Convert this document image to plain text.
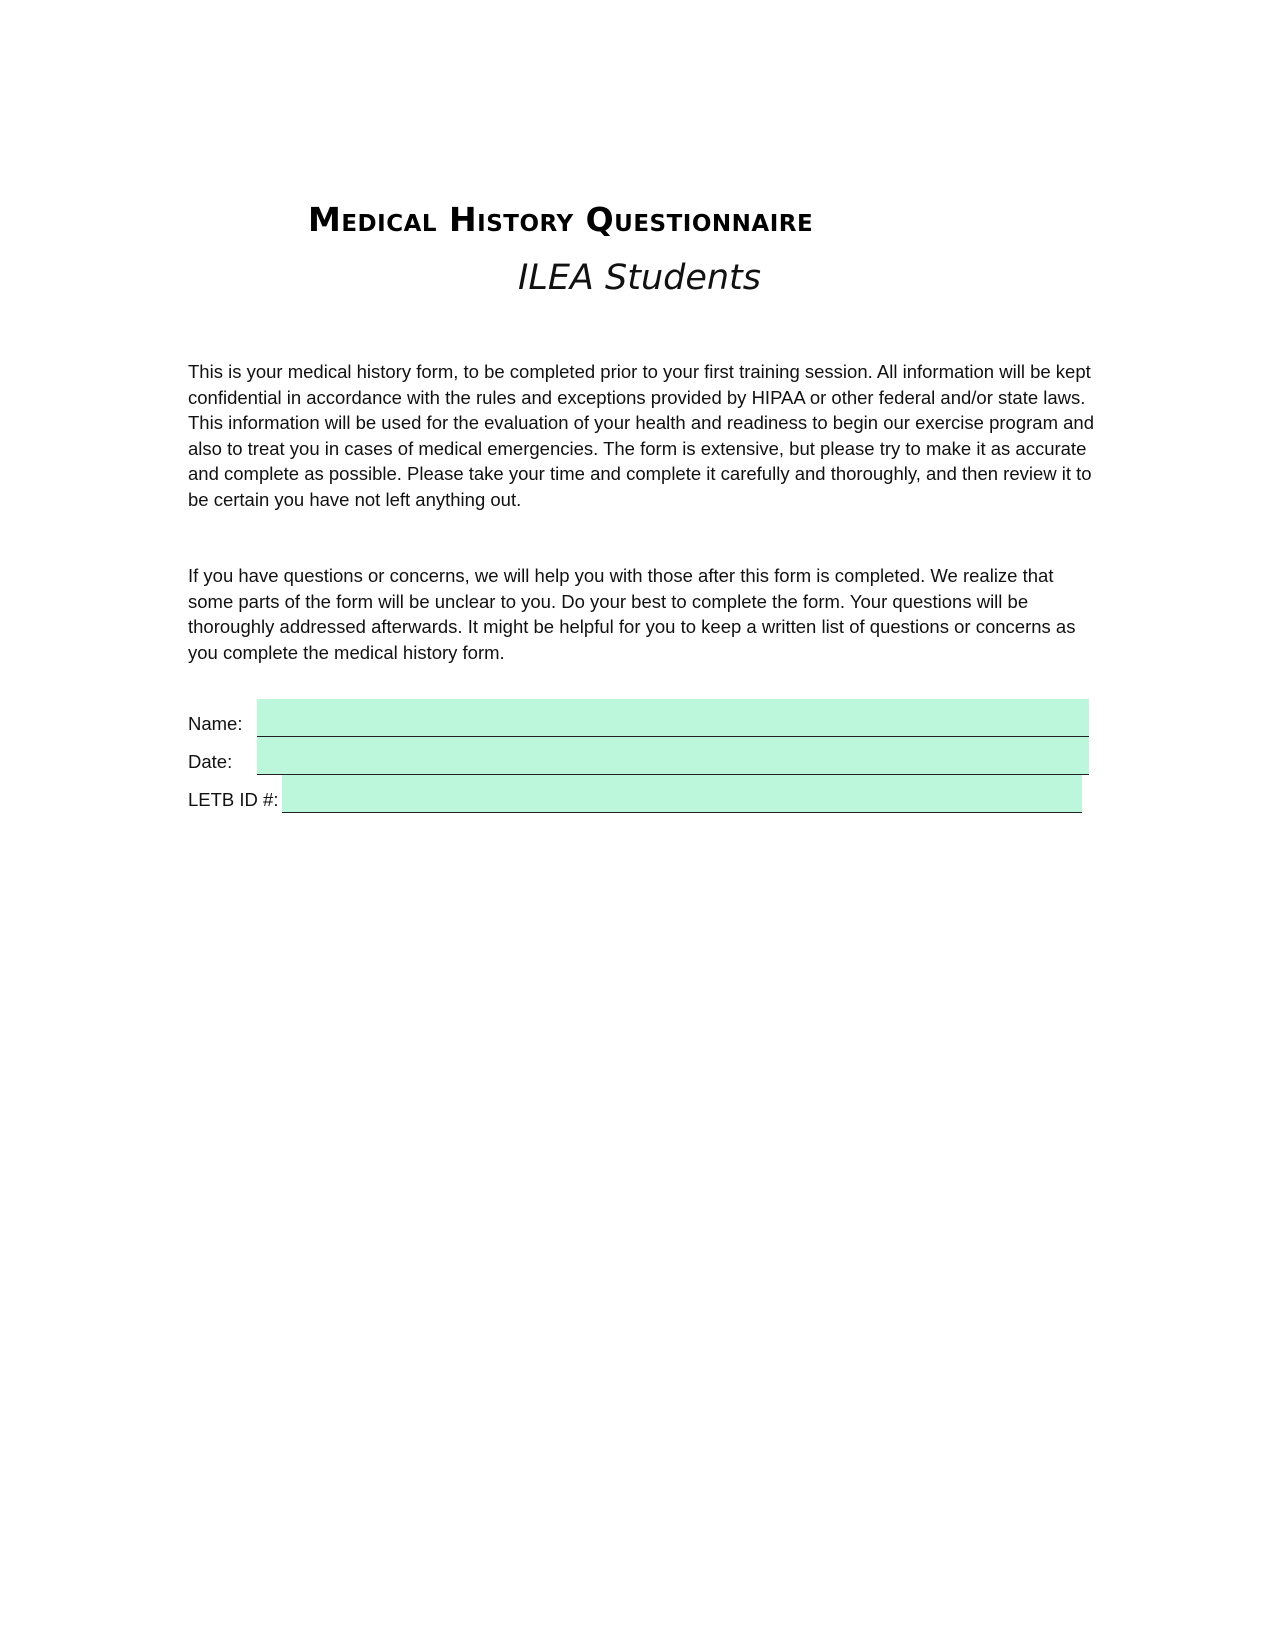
Medical History Questionnaire
ILEA Students

This is your medical history form, to be completed prior to your first training session. All information will be kept confidential in accordance with the rules and exceptions provided by HIPAA or other federal and/or state laws. This information will be used for the evaluation of your health and readiness to begin our exercise program and also to treat you in cases of medical emergencies. The form is extensive, but please try to make it as accurate and complete as possible. Please take your time and complete it carefully and thoroughly, and then review it to be certain you have not left anything out.

If you have questions or concerns, we will help you with those after this form is completed. We realize that some parts of the form will be unclear to you. Do your best to complete the form. Your questions will be thoroughly addressed afterwards. It might be helpful for you to keep a written list of questions or concerns as you complete the medical history form.

Name:
Date:
LETB ID #:
